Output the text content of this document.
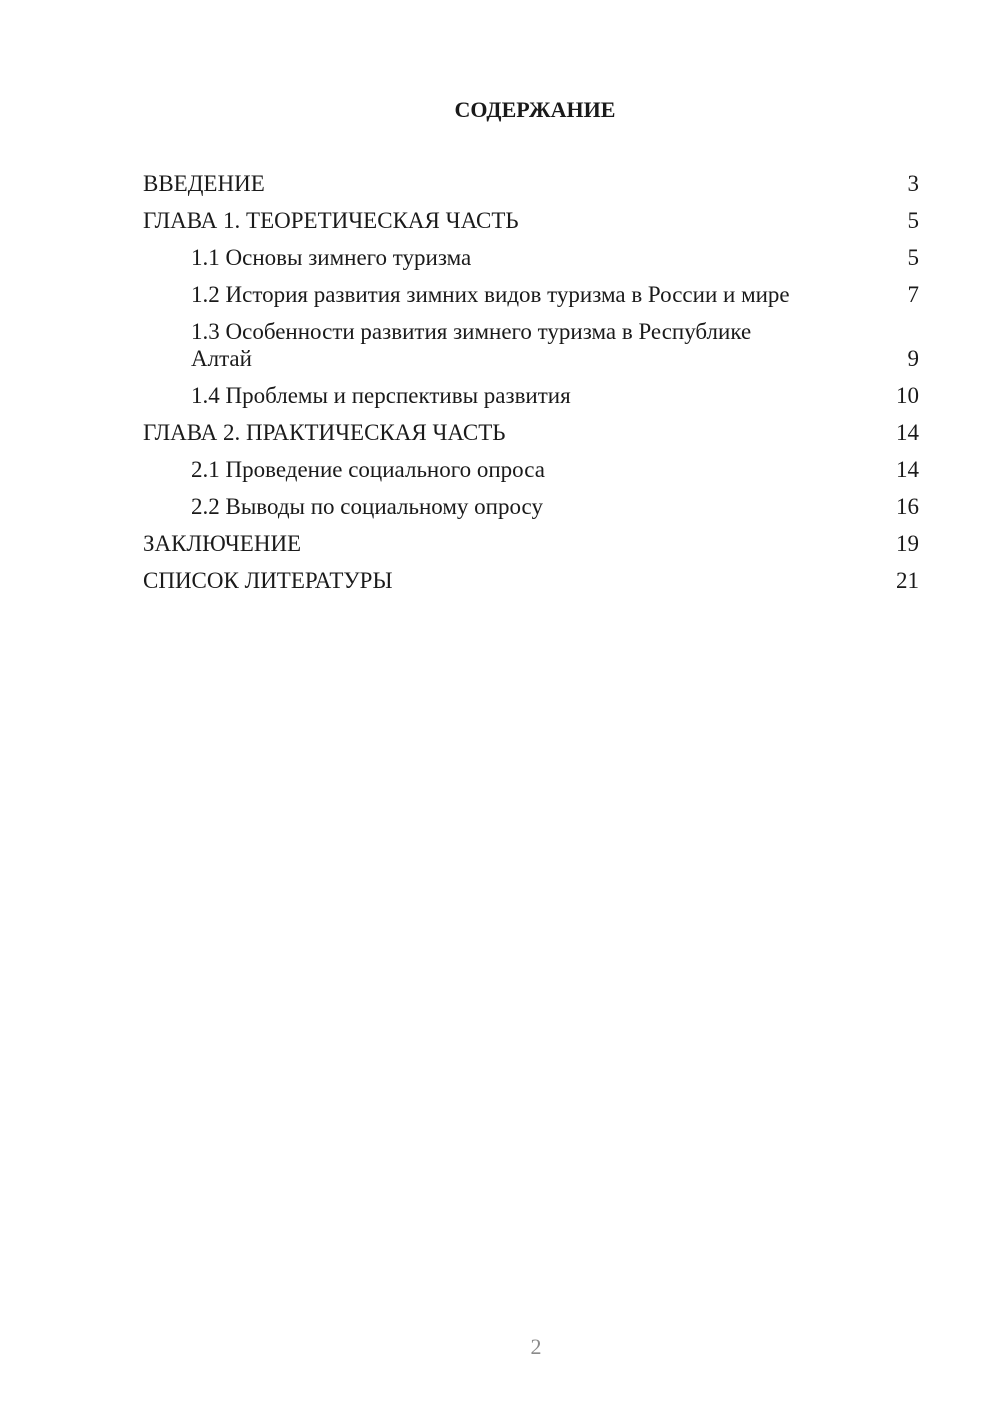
СОДЕРЖАНИЕ
ВВЕДЕНИЕ	3
ГЛАВА 1. ТЕОРЕТИЧЕСКАЯ ЧАСТЬ	5
1.1 Основы зимнего туризма	5
1.2 История развития зимних видов туризма в России и мире	7
1.3 Особенности развития зимнего туризма в Республике Алтай	9
1.4 Проблемы и перспективы развития	10
ГЛАВА 2. ПРАКТИЧЕСКАЯ ЧАСТЬ	14
2.1 Проведение социального опроса	14
2.2 Выводы по социальному опросу	16
ЗАКЛЮЧЕНИЕ	19
СПИСОК ЛИТЕРАТУРЫ	21
2
